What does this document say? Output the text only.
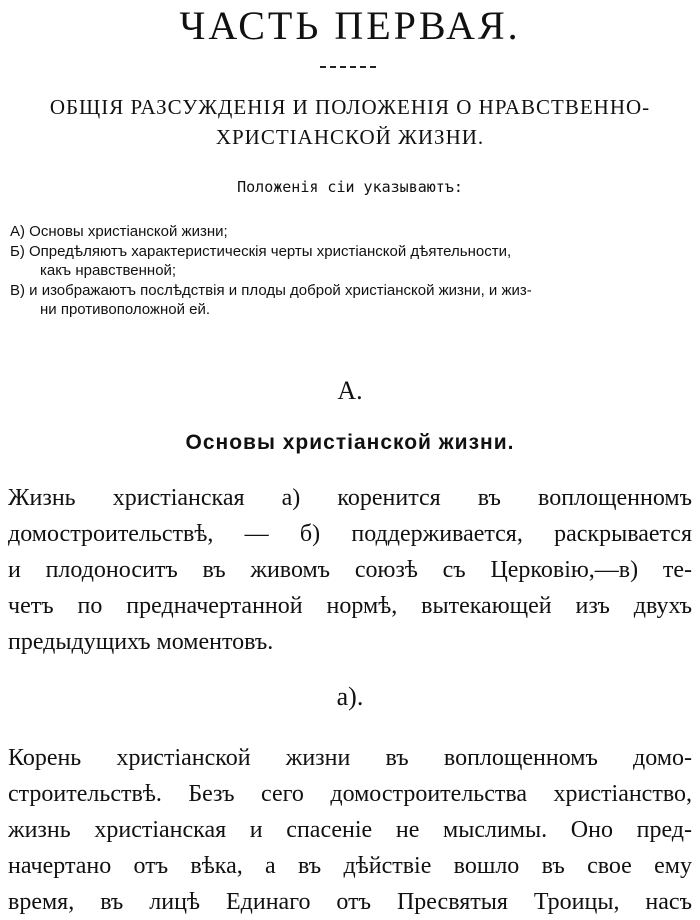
ЧАСТЬ ПЕРВАЯ.
ОБЩІЯ РАЗСУЖДЕНІЯ И ПОЛОЖЕНІЯ О НРАВСТВЕННО-
ХРИСТІАНСКОЙ ЖИЗНИ.
Положенія сіи указываютъ:
А) Основы христіанской жизни;
Б) Опредѣляютъ характеристическія черты христіанской дѣятельности,
какъ нравственной;
В) и изображаютъ послѣдствія и плоды доброй христіанской жизни, и жиз-
ни противоположной ей.
А.
Основы христіанской жизни.
Жизнь христіанская а) коренится въ воплощенномъ
домостроительствѣ, — б) поддерживается, раскрывается
и плодоноситъ въ живомъ союзѣ съ Церковію,—в) те-
четъ по предначертанной нормѣ, вытекающей изъ двухъ
предыдущихъ моментовъ.
а).
Корень христіанской жизни въ воплощенномъ домо-
строительствѣ. Безъ сего домостроительства христіанство,
жизнь христіанская и спасеніе не мыслимы. Оно пред-
начертано отъ вѣка, а въ дѣйствіе вошло въ свое ему
время, въ лицѣ Единаго отъ Пресвятыя Троицы, насъ
